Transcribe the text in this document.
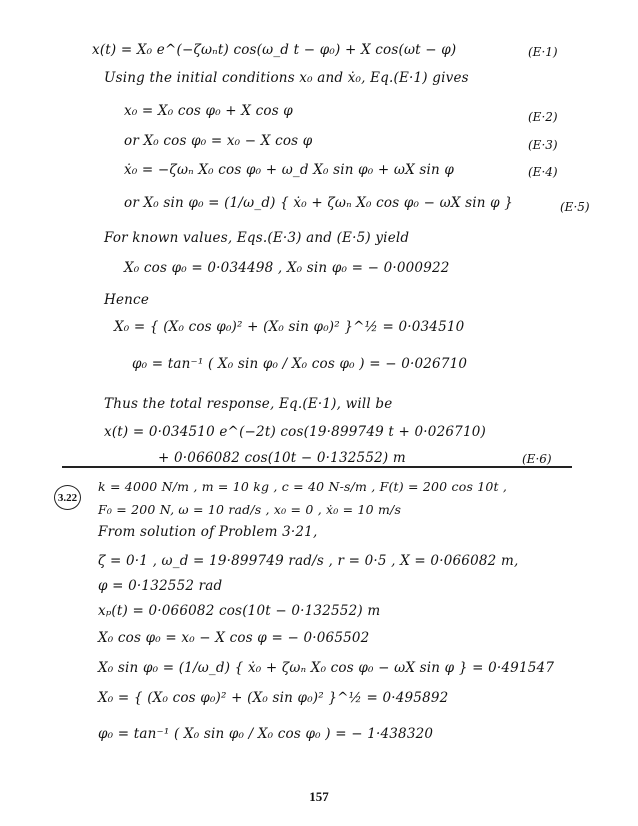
x(t) = X₀ e^(−ζωₙt) cos(ω_d t − φ₀) + X cos(ωt − φ)	(E·1)
Using the initial conditions x₀ and ẋ₀, Eq.(E·1) gives
x₀ = X₀ cos φ₀ + X cos φ	(E·2)
or X₀ cos φ₀ = x₀ − X cos φ	(E·3)
ẋ₀ = −ζωₙ X₀ cos φ₀ + ω_d X₀ sin φ₀ + ωX sin φ	(E·4)
or X₀ sin φ₀ = (1/ω_d) { ẋ₀ + ζωₙ X₀ cos φ₀ − ωX sin φ }	(E·5)
For known values, Eqs.(E·3) and (E·5) yield
X₀ cos φ₀ = 0·034498 , X₀ sin φ₀ = − 0·000922
Hence
X₀ = { (X₀ cos φ₀)² + (X₀ sin φ₀)² }^½ = 0·034510
φ₀ = tan⁻¹ ( X₀ sin φ₀ / X₀ cos φ₀ ) = − 0·026710
Thus the total response, Eq.(E·1), will be
x(t) = 0·034510 e^(−2t) cos(19·899749 t + 0·026710)
+ 0·066082 cos(10t − 0·132552) m	(E·6)
3.22
k = 4000 N/m , m = 10 kg , c = 40 N-s/m , F(t) = 200 cos 10t ,
F₀ = 200 N, ω = 10 rad/s , x₀ = 0 , ẋ₀ = 10 m/s
From solution of Problem 3·21,
ζ = 0·1 , ω_d = 19·899749 rad/s , r = 0·5 , X = 0·066082 m,
φ = 0·132552 rad
xₚ(t) = 0·066082 cos(10t − 0·132552) m
X₀ cos φ₀ = x₀ − X cos φ = − 0·065502
X₀ sin φ₀ = (1/ω_d) { ẋ₀ + ζωₙ X₀ cos φ₀ − ωX sin φ } = 0·491547
X₀ = { (X₀ cos φ₀)² + (X₀ sin φ₀)² }^½ = 0·495892
φ₀ = tan⁻¹ ( X₀ sin φ₀ / X₀ cos φ₀ ) = − 1·438320
157
